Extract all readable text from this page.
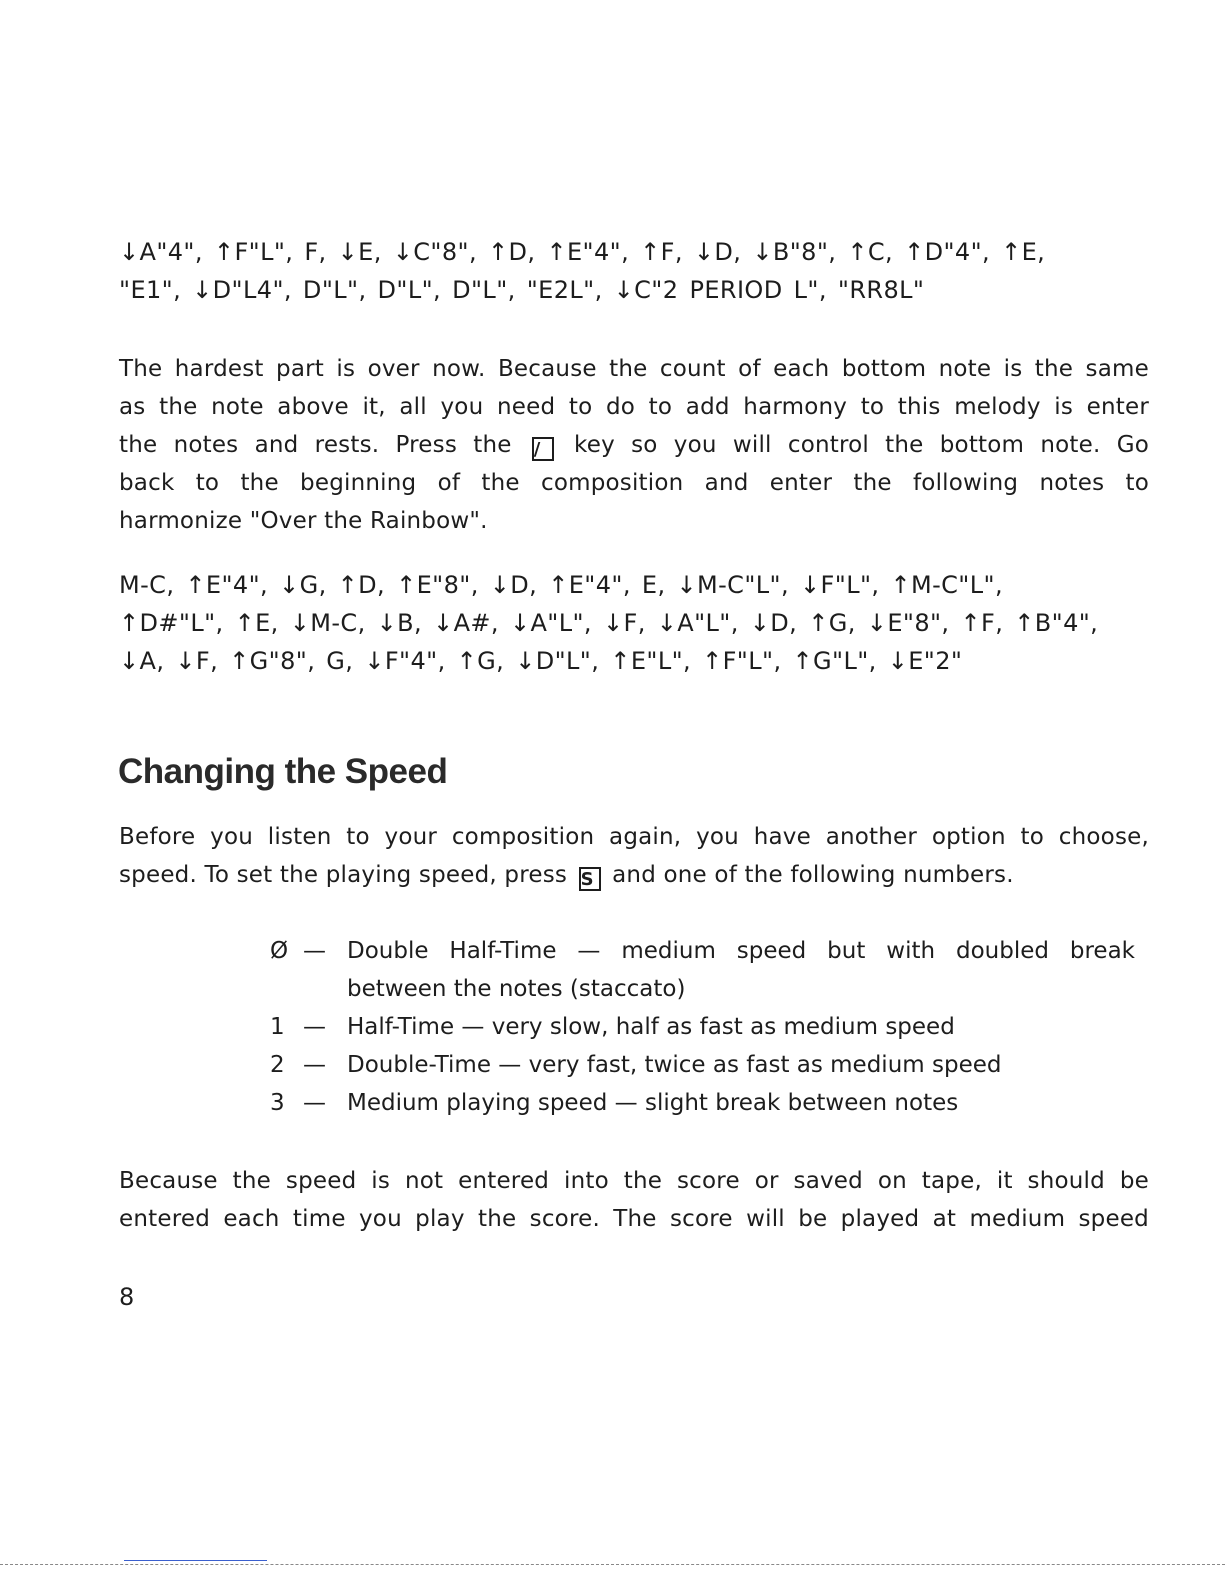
↓A"4", ↑F"L", F, ↓E, ↓C"8", ↑D, ↑E"4", ↑F, ↓D, ↓B"8", ↑C, ↑D"4", ↑E,
"E1", ↓D"L4", D"L", D"L", D"L", "E2L", ↓C"2 PERIOD L", "RR8L"
The hardest part is over now. Because the count of each bottom note is the same
as the note above it, all you need to do to add harmony to this melody is enter
the notes and rests. Press the / key so you will control the bottom note. Go
back to the beginning of the composition and enter the following notes to
harmonize "Over the Rainbow".
M-C, ↑E"4", ↓G, ↑D, ↑E"8", ↓D, ↑E"4", E, ↓M-C"L", ↓F"L", ↑M-C"L",
↑D#"L", ↑E, ↓M-C, ↓B, ↓A#, ↓A"L", ↓F, ↓A"L", ↓D, ↑G, ↓E"8", ↑F, ↑B"4",
↓A, ↓F, ↑G"8", G, ↓F"4", ↑G, ↓D"L", ↑E"L", ↑F"L", ↑G"L", ↓E"2"
Changing the Speed
Before you listen to your composition again, you have another option to choose,
speed. To set the playing speed, press S and one of the following numbers.
Ø — Double Half-Time — medium speed but with doubled break
between the notes (staccato)
1 — Half-Time — very slow, half as fast as medium speed
2 — Double-Time — very fast, twice as fast as medium speed
3 — Medium playing speed — slight break between notes
Because the speed is not entered into the score or saved on tape, it should be
entered each time you play the score. The score will be played at medium speed
8
